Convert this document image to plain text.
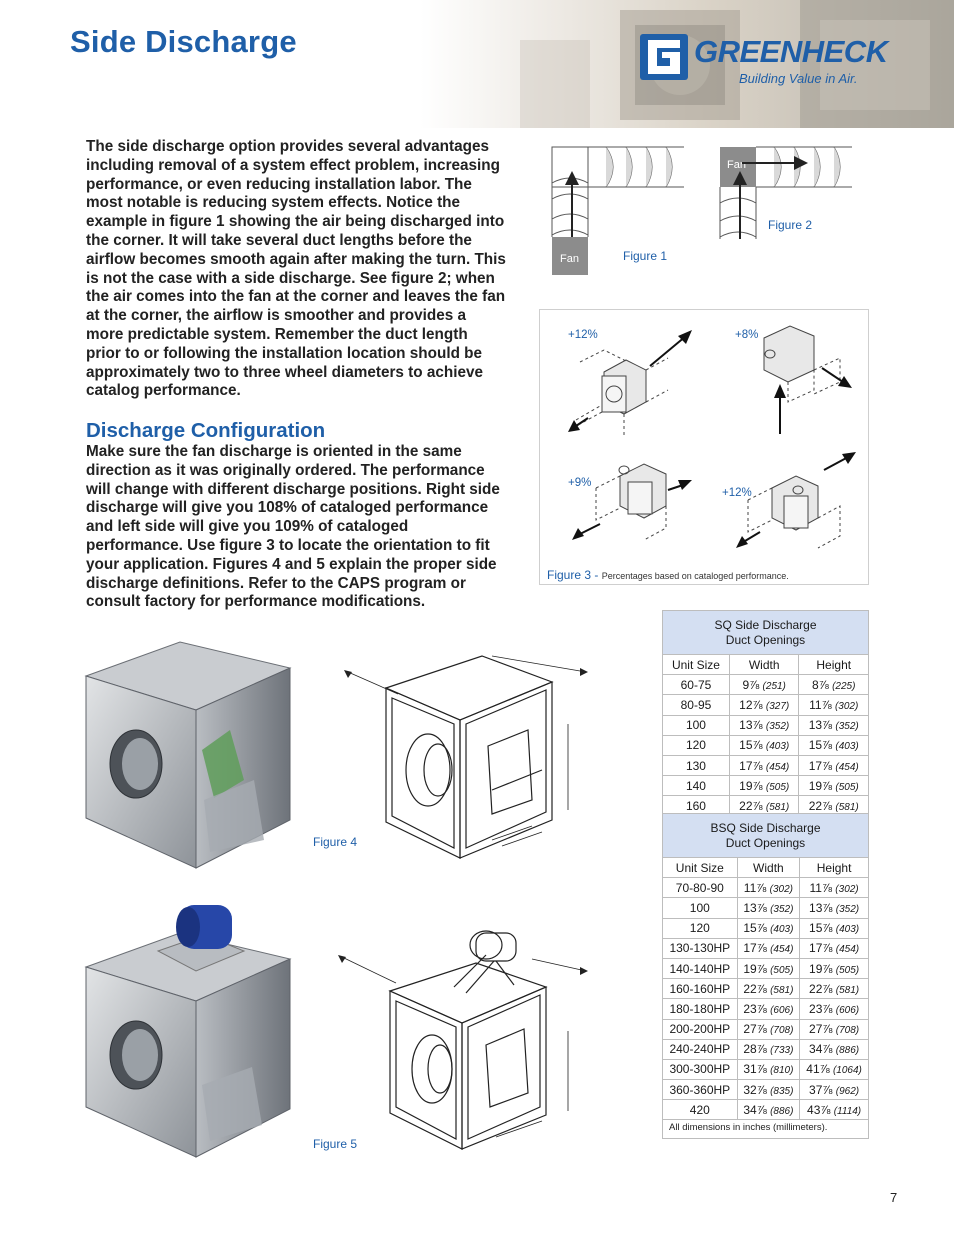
Side Discharge	GREENHECK
Building Value in Air.

The side discharge option provides several advantages including removal of a system effect problem, increasing performance, or even reducing installation labor. The most notable is reducing system effects. Notice the example in figure 1 showing the air being discharged into the corner. It will take several duct lengths before the airflow becomes smooth again after making the turn. This is not the case with a side discharge. See figure 2; when the air comes into the fan at the corner and leaves the fan at the corner, the airflow is smoother and provides a more predictable system. Remember the duct length prior to or following the installation location should be approximately two to three wheel diameters to achieve catalog performance.

Discharge Configuration

Make sure the fan discharge is oriented in the same direction as it was originally ordered. The performance will change with different discharge positions. Right side discharge will give you 108% of cataloged performance and left side will give you 109% of cataloged performance. Use figure 3 to locate the orientation to fit your application. Figures 4 and 5 explain the proper side discharge definitions. Refer to the CAPS program or consult factory for performance modifications.

Fan	Figure 1
Fan
Figure 2
+12%	+8%
+9%
+12%
Figure 3 - Percentages based on cataloged performance.
Figure 4
Figure 5
SQ Side Discharge
Duct Openings		
Unit Size	Width	Height
60-75	9⅞ (251)	8⅞ (225)
80-95	12⅞ (327)	11⅞ (302)
100	13⅞ (352)	13⅞ (352)
120	15⅞ (403)	15⅞ (403)
130	17⅞ (454)	17⅞ (454)
140	19⅞ (505)	19⅞ (505)
160	22⅞ (581)	22⅞ (581)
BSQ Side Discharge
Duct Openings		
Unit Size	Width	Height
70-80-90	11⅞ (302)	11⅞ (302)
100	13⅞ (352)	13⅞ (352)
120	15⅞ (403)	15⅞ (403)
130-130HP	17⅞ (454)	17⅞ (454)
140-140HP	19⅞ (505)	19⅞ (505)
160-160HP	22⅞ (581)	22⅞ (581)
180-180HP	23⅞ (606)	23⅞ (606)
200-200HP	27⅞ (708)	27⅞ (708)
240-240HP	28⅞ (733)	34⅞ (886)
300-300HP	31⅞ (810)	41⅞ (1064)
360-360HP	32⅞ (835)	37⅞ (962)
420	34⅞ (886)	43⅞ (1114)
All dimensions in inches (millimeters).
7
